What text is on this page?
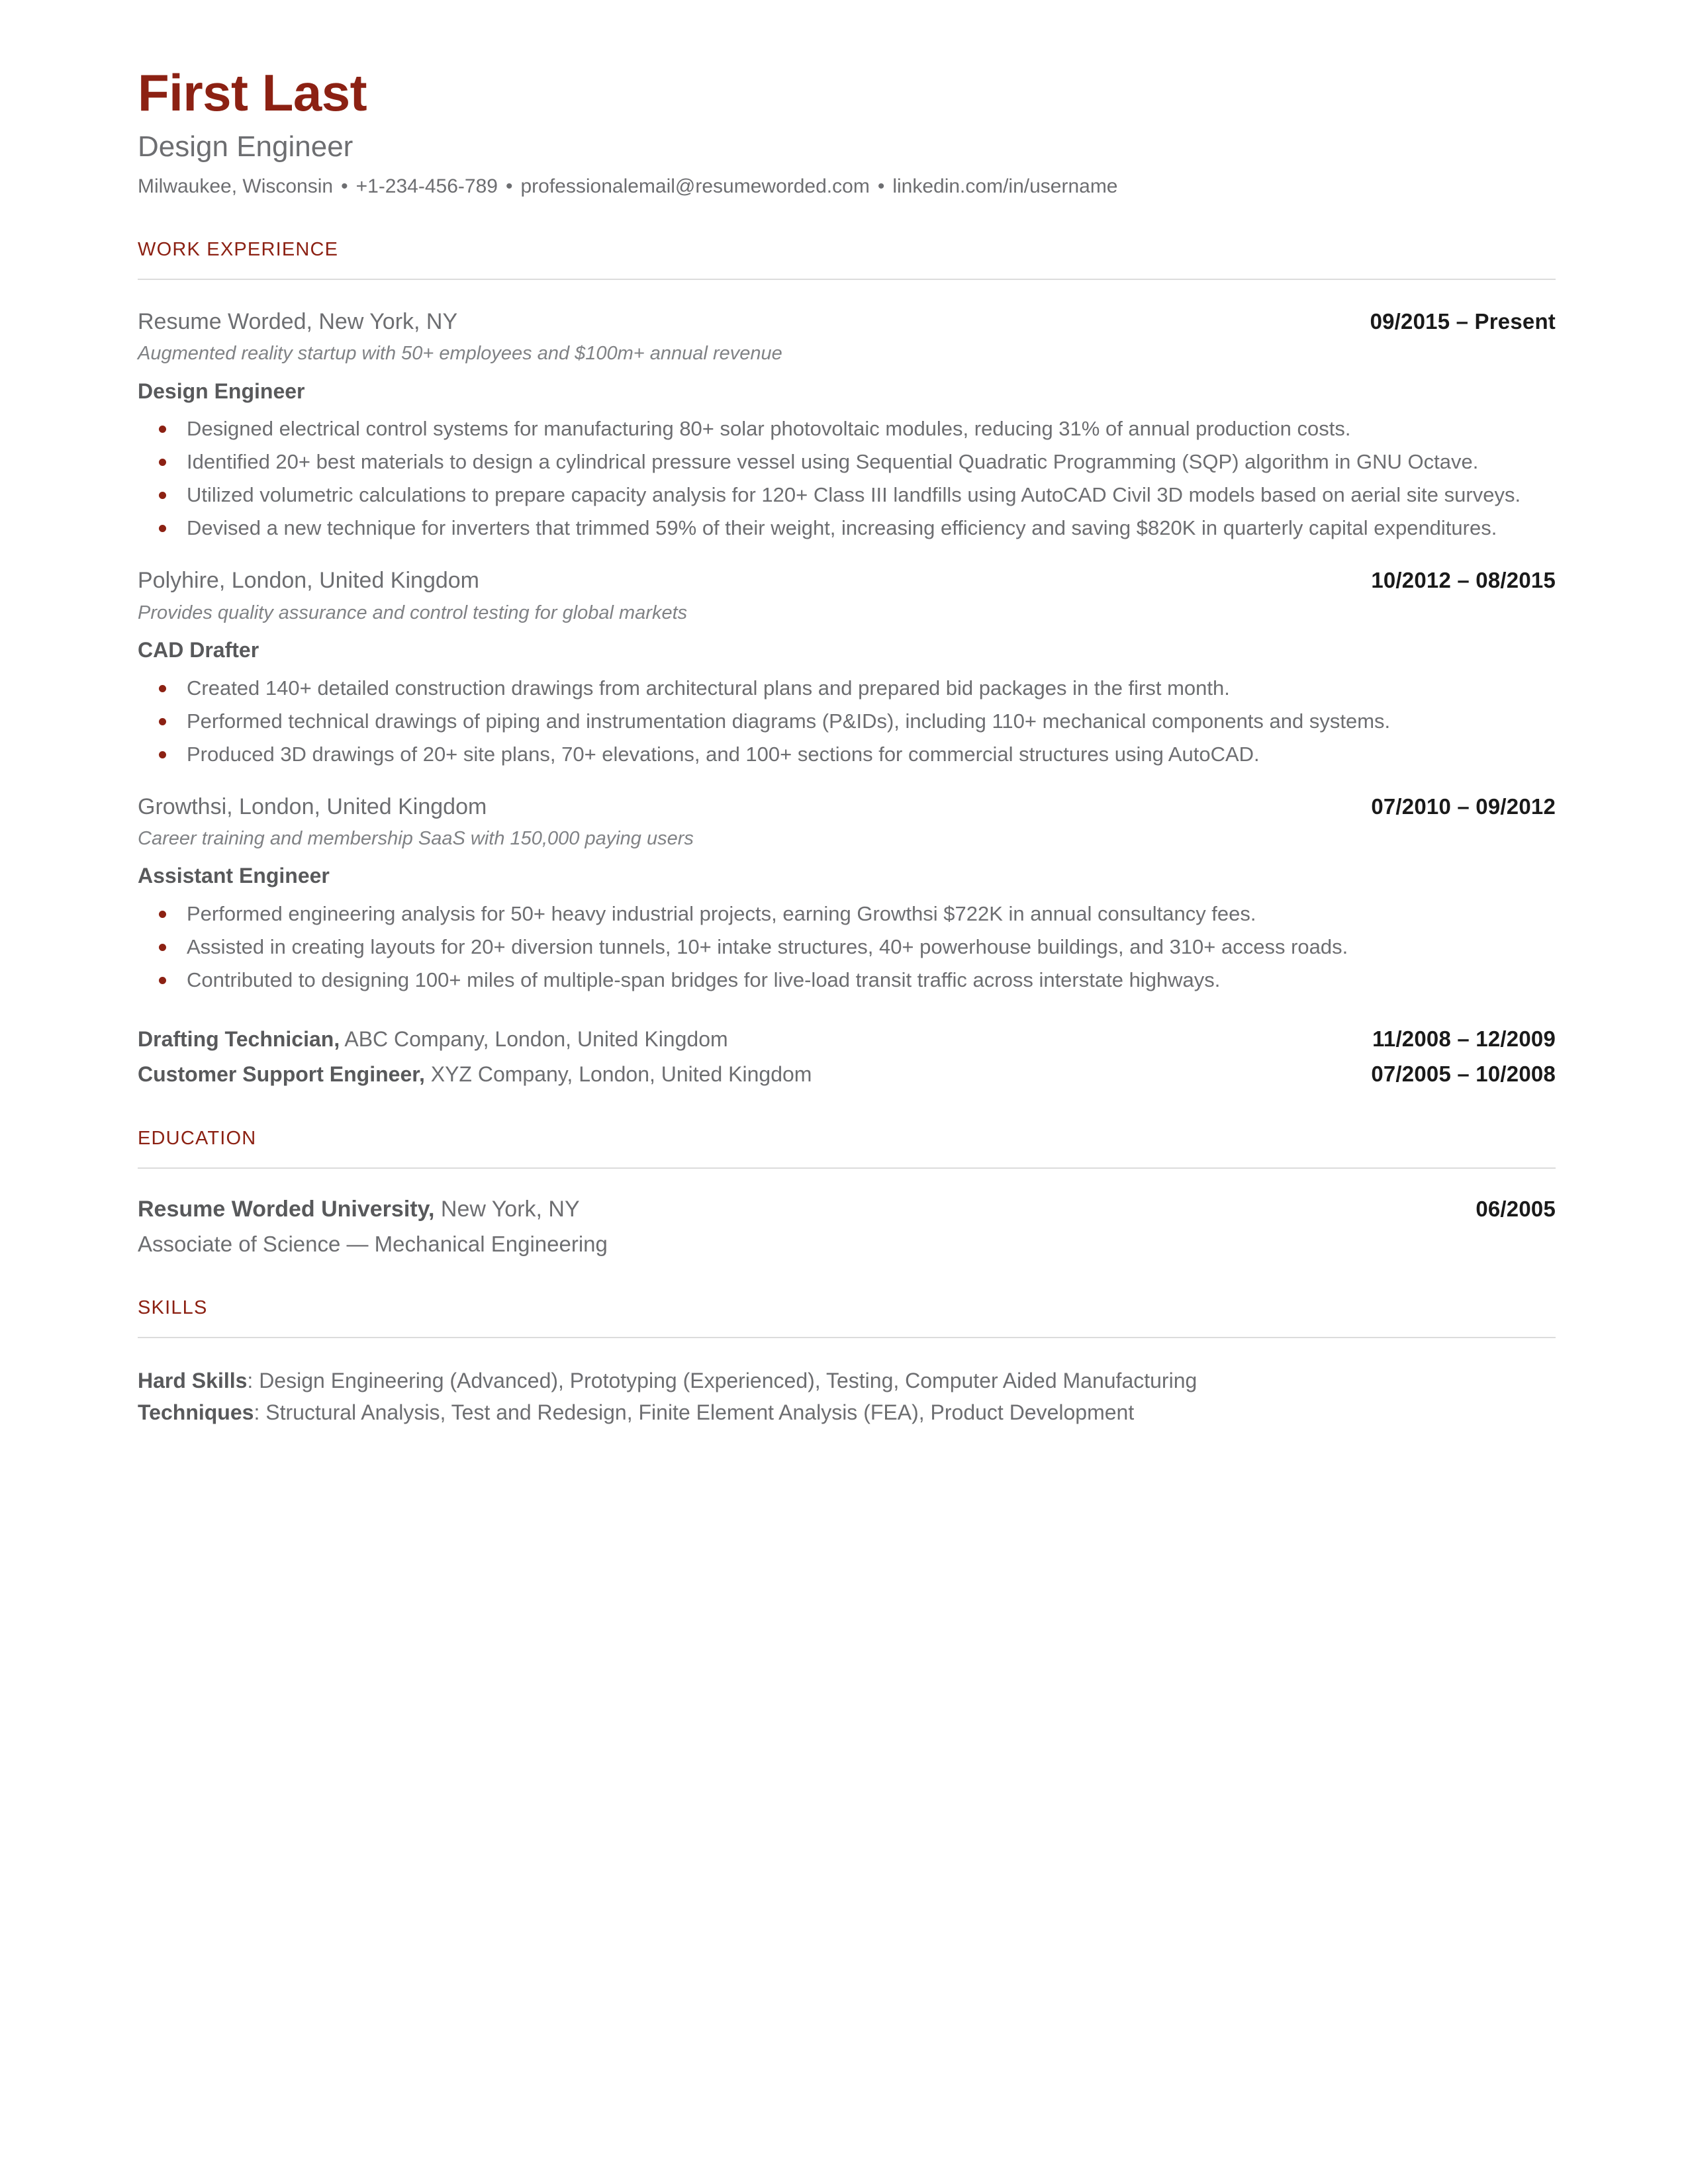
First Last
Design Engineer
Milwaukee, Wisconsin • +1-234-456-789 • professionalemail@resumeworded.com • linkedin.com/in/username
WORK EXPERIENCE
Resume Worded, New York, NY	09/2015 – Present
Augmented reality startup with 50+ employees and $100m+ annual revenue
Design Engineer
Designed electrical control systems for manufacturing 80+ solar photovoltaic modules, reducing 31% of annual production costs.
Identified 20+ best materials to design a cylindrical pressure vessel using Sequential Quadratic Programming (SQP) algorithm in GNU Octave.
Utilized volumetric calculations to prepare capacity analysis for 120+ Class III landfills using AutoCAD Civil 3D models based on aerial site surveys.
Devised a new technique for inverters that trimmed 59% of their weight, increasing efficiency and saving $820K in quarterly capital expenditures.
Polyhire, London, United Kingdom	10/2012 – 08/2015
Provides quality assurance and control testing for global markets
CAD Drafter
Created 140+ detailed construction drawings from architectural plans and prepared bid packages in the first month.
Performed technical drawings of piping and instrumentation diagrams (P&IDs), including 110+ mechanical components and systems.
Produced 3D drawings of 20+ site plans, 70+ elevations, and 100+ sections for commercial structures using AutoCAD.
Growthsi, London, United Kingdom	07/2010 – 09/2012
Career training and membership SaaS with 150,000 paying users
Assistant Engineer
Performed engineering analysis for 50+ heavy industrial projects, earning Growthsi $722K in annual consultancy fees.
Assisted in creating layouts for 20+ diversion tunnels, 10+ intake structures, 40+ powerhouse buildings, and 310+ access roads.
Contributed to designing 100+ miles of multiple-span bridges for live-load transit traffic across interstate highways.
Drafting Technician, ABC Company, London, United Kingdom	11/2008 – 12/2009
Customer Support Engineer, XYZ Company, London, United Kingdom	07/2005 – 10/2008
EDUCATION
Resume Worded University, New York, NY	06/2005
Associate of Science — Mechanical Engineering
SKILLS
Hard Skills: Design Engineering (Advanced), Prototyping (Experienced), Testing, Computer Aided Manufacturing
Techniques: Structural Analysis, Test and Redesign, Finite Element Analysis (FEA), Product Development
